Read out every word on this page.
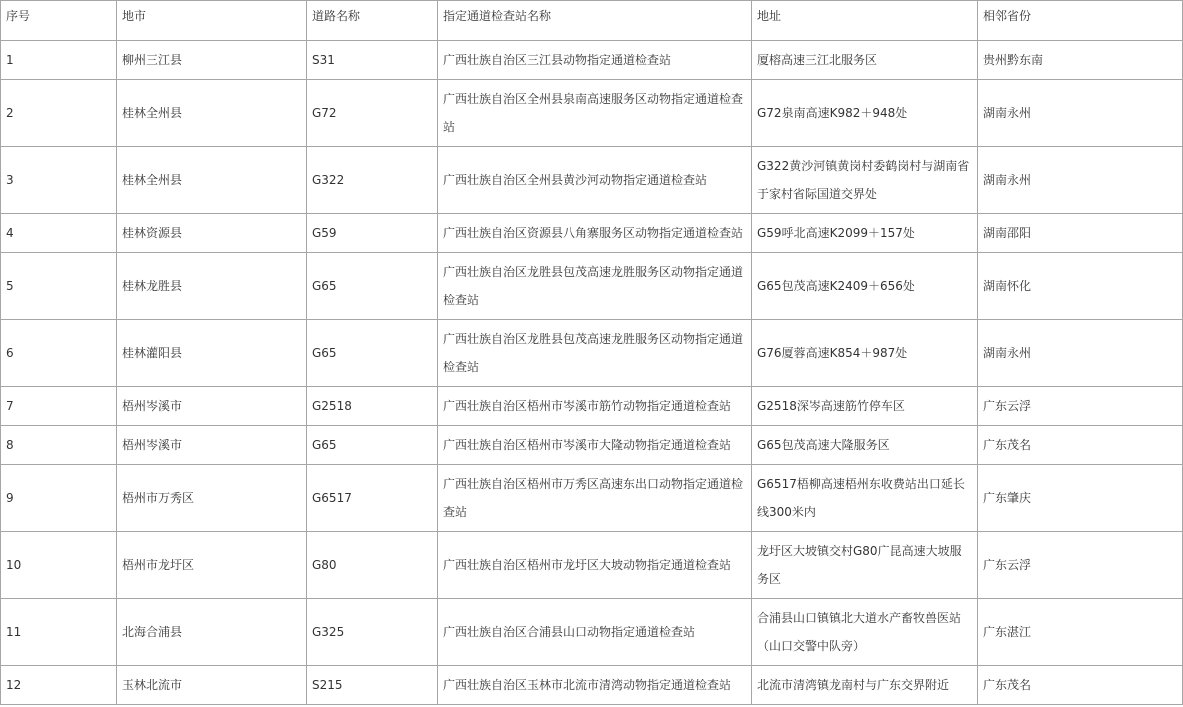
序号	地市	道路名称	指定通道检查站名称	地址	相邻省份
1	柳州三江县	S31	广西壮族自治区三江县动物指定通道检查站	厦榕高速三江北服务区	贵州黔东南
2	桂林全州县	G72	广西壮族自治区全州县泉南高速服务区动物指定通道检查站	G72泉南高速K982＋948处	湖南永州
3	桂林全州县	G322	广西壮族自治区全州县黄沙河动物指定通道检查站	G322黄沙河镇黄岗村委鹤岗村与湖南省于家村省际国道交界处	湖南永州
4	桂林资源县	G59	广西壮族自治区资源县八角寨服务区动物指定通道检查站	G59呼北高速K2099＋157处	湖南邵阳
5	桂林龙胜县	G65	广西壮族自治区龙胜县包茂高速龙胜服务区动物指定通道检查站	G65包茂高速K2409＋656处	湖南怀化
6	桂林灌阳县	G65	广西壮族自治区龙胜县包茂高速龙胜服务区动物指定通道检查站	G76厦蓉高速K854＋987处	湖南永州
7	梧州岑溪市	G2518	广西壮族自治区梧州市岑溪市筋竹动物指定通道检查站	G2518深岑高速筋竹停车区	广东云浮
8	梧州岑溪市	G65	广西壮族自治区梧州市岑溪市大隆动物指定通道检查站	G65包茂高速大隆服务区	广东茂名
9	梧州市万秀区	G6517	广西壮族自治区梧州市万秀区高速东出口动物指定通道检查站	G6517梧柳高速梧州东收费站出口延长线300米内	广东肇庆
10	梧州市龙圩区	G80	广西壮族自治区梧州市龙圩区大坡动物指定通道检查站	龙圩区大坡镇交村G80广昆高速大坡服务区	广东云浮
11	北海合浦县	G325	广西壮族自治区合浦县山口动物指定通道检查站	合浦县山口镇镇北大道水产畜牧兽医站（山口交警中队旁）	广东湛江
12	玉林北流市	S215	广西壮族自治区玉林市北流市清湾动物指定通道检查站	北流市清湾镇龙南村与广东交界附近	广东茂名
